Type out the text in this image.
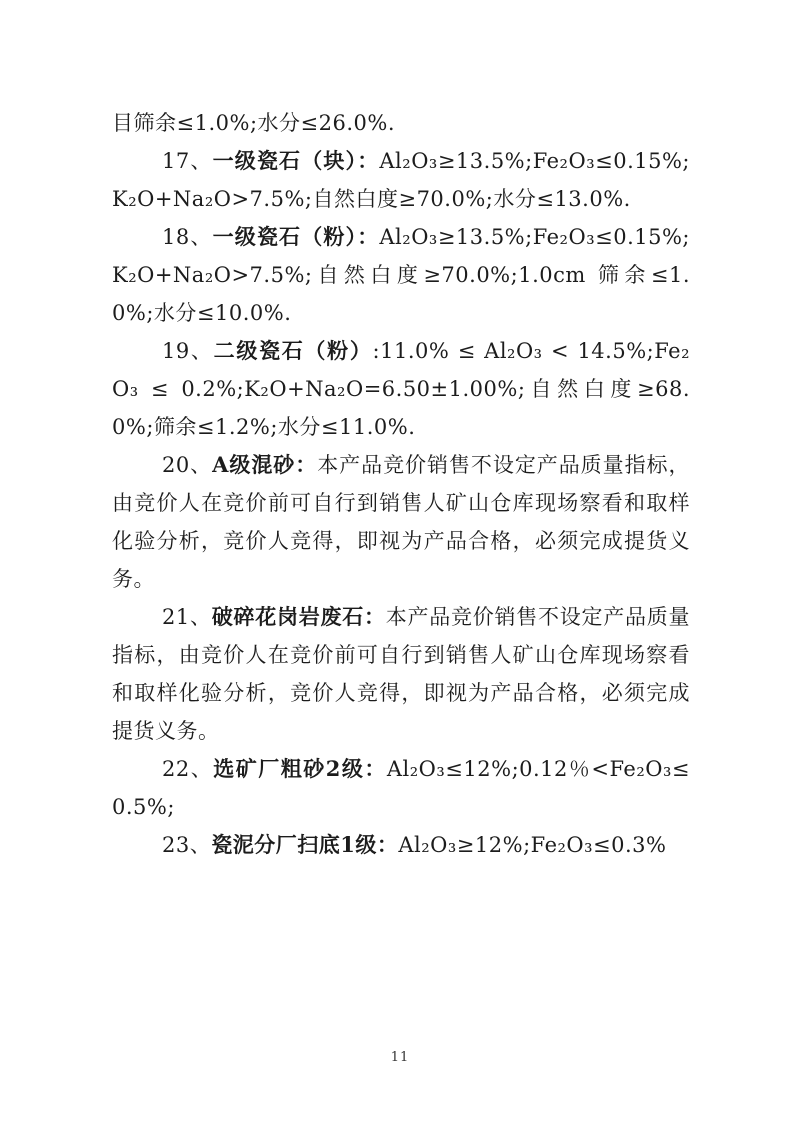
目筛余≤1.0%;水分≤26.0%.

17、一级瓷石（块）：Al₂O₃≥13.5%;Fe₂O₃≤0.15%;K₂O+Na₂O>7.5%;自然白度≥70.0%;水分≤13.0%.

18、一级瓷石（粉）：Al₂O₃≥13.5%;Fe₂O₃≤0.15%;K₂O+Na₂O>7.5%;自然白度≥70.0%;1.0cm 筛余≤1.0%;水分≤10.0%.

19、二级瓷石（粉）:11.0% ≤ Al₂O₃ < 14.5%;Fe₂O₃ ≤ 0.2%;K₂O+Na₂O=6.50±1.00%;自然白度≥68.0%;筛余≤1.2%;水分≤11.0%.

20、A级混砂：本产品竞价销售不设定产品质量指标，由竞价人在竞价前可自行到销售人矿山仓库现场察看和取样化验分析，竞价人竞得，即视为产品合格，必须完成提货义务。

21、破碎花岗岩废石：本产品竞价销售不设定产品质量指标，由竞价人在竞价前可自行到销售人矿山仓库现场察看和取样化验分析，竞价人竞得，即视为产品合格，必须完成提货义务。

22、选矿厂粗砂2级：Al₂O₃≤12%;0.12％<Fe₂O₃≤0.5%;

23、瓷泥分厂扫底1级：Al₂O₃≥12%;Fe₂O₃≤0.3%

11
